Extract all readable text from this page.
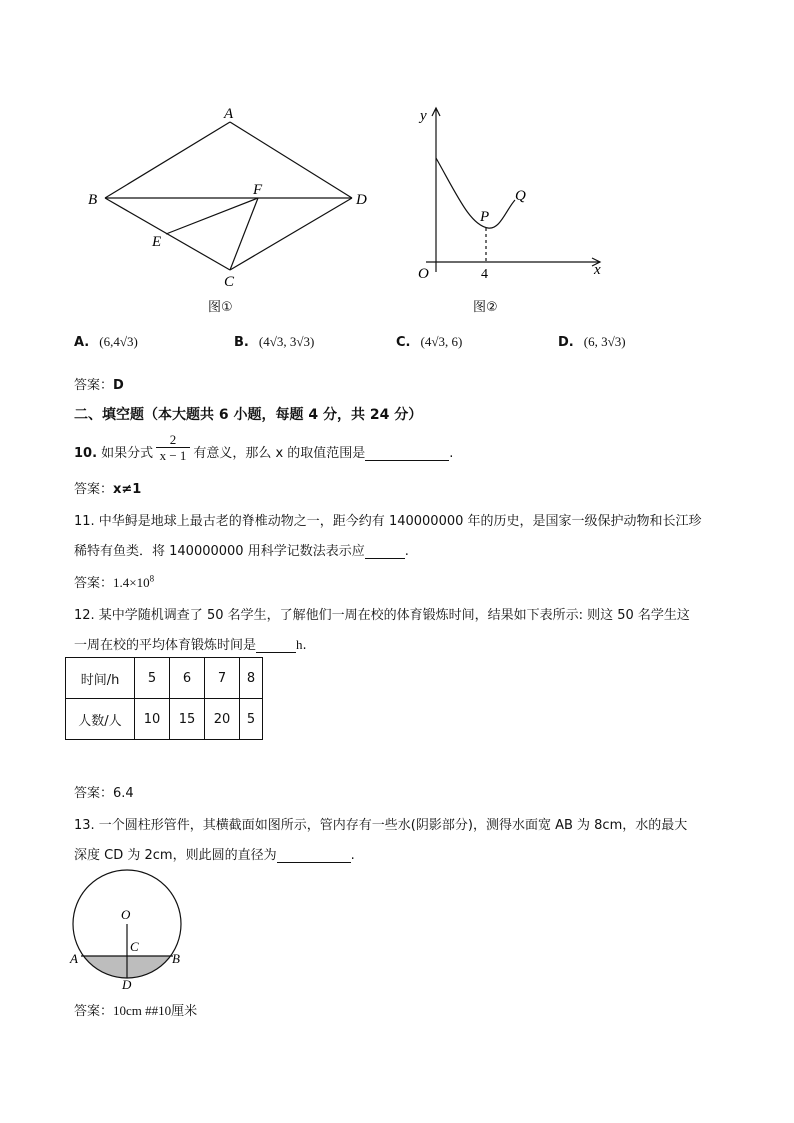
A
B
F
D
E
C
图①
y
x
O	4
P
Q
图②
A. (6,4√3)	B. (4√3, 3√3)	C. (4√3, 6)	D. (6, 3√3)
答案：D
二、填空题（本大题共 6 小题，每题 4 分，共 24 分）
10. 如果分式	有意义，那么 x 的取值范围是	.
2
x − 1
答案：x≠1
11. 中华鲟是地球上最古老的脊椎动物之一，距今约有 140000000 年的历史，是国家一级保护动物和长江珍
稀特有鱼类．将 140000000 用科学记数法表示应	.
答案：$1.4\times 10^8$
12. 某中学随机调查了 50 名学生，了解他们一周在校的体育锻炼时间，结果如下表所示: 则这 50 名学生这
一周在校的平均体育锻炼时间是	h.
时间/h	5	6	7	8
人数/人	10	15	20	5
答案：6.4
13. 一个圆柱形管件，其横截面如图所示，管内存有一些水(阴影部分)，测得水面宽 AB 为 8cm，水的最大
深度 CD 为 2cm，则此圆的直径为	.
O
C
A	B
D
答案：10cm ##10厘米
